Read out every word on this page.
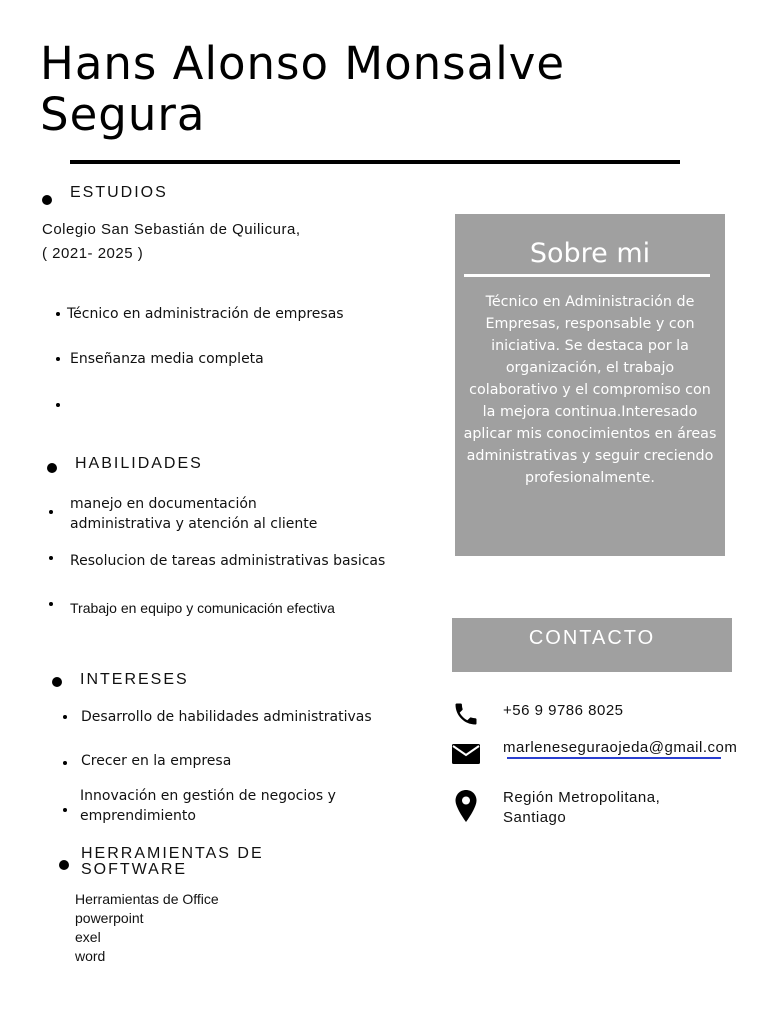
Hans Alonso Monsalve Segura
ESTUDIOS
Colegio San Sebastián de Quilicura,
( 2021- 2025 )
Técnico en administración de empresas
Enseñanza media completa
HABILIDADES
manejo en documentación administrativa y atención al cliente
Resolucion de tareas administrativas basicas
Trabajo en equipo y comunicación efectiva
INTERESES
Desarrollo de habilidades administrativas
Crecer en la empresa
Innovación en gestión de negocios y emprendimiento
HERRAMIENTAS DE SOFTWARE
Herramientas de Office
powerpoint
exel
word
Sobre mi
Técnico en Administración de Empresas, responsable y con iniciativa. Se destaca por la organización, el trabajo colaborativo y el compromiso con la mejora continua.Interesado aplicar mis conocimientos en áreas administrativas y seguir creciendo profesionalmente.
CONTACTO
+56 9 9786 8025
marleneseguraojeda@gmail.com
Región Metropolitana, Santiago
